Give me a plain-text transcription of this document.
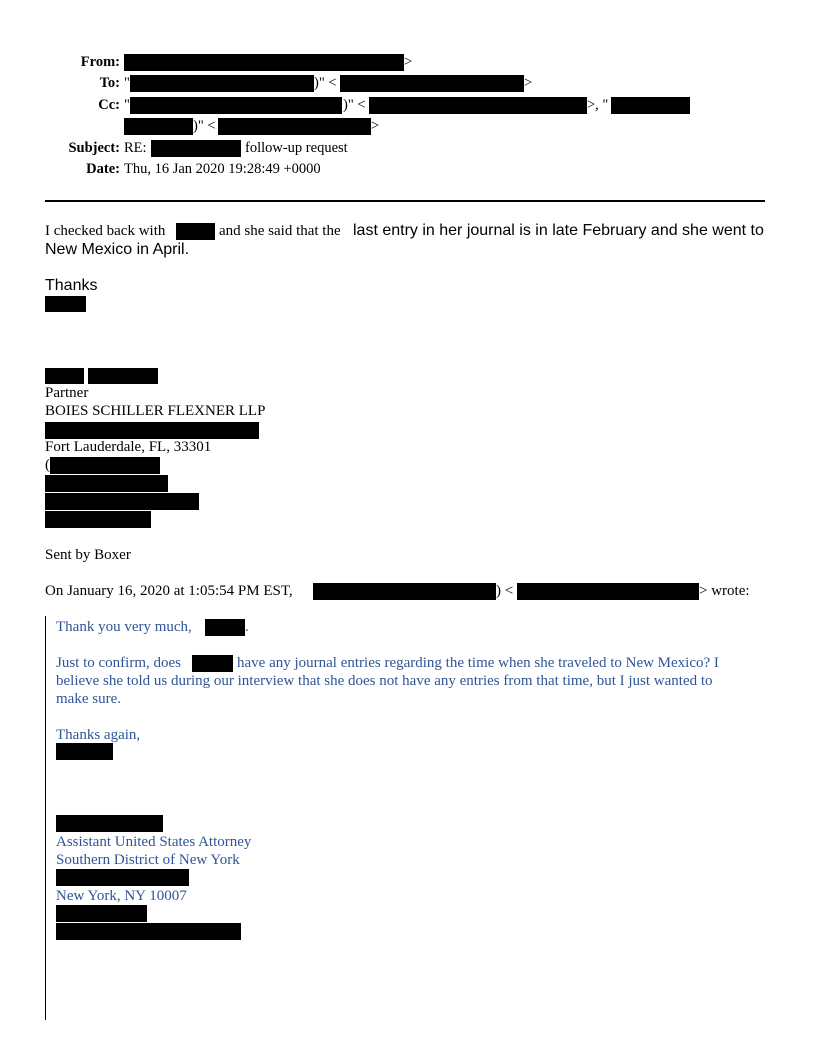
From:	>
To: "	)" <	>
Cc: "	)" <	>, "
)" <	>
Subject: RE:	follow-up request
Date: Thu, 16 Jan 2020 19:28:49 +0000
I checked back with	and she said that the last entry in her journal is in late February and she went to
New Mexico in April.
Thanks
Partner
BOIES SCHILLER FLEXNER LLP
Fort Lauderdale, FL, 33301
(
Sent by Boxer
On January 16, 2020 at 1:05:54 PM EST,	) <	> wrote:
Thank you very much,	.
Just to confirm, does	have any journal entries regarding the time when she traveled to New Mexico? I
believe she told us during our interview that she does not have any entries from that time, but I just wanted to
make sure.
Thanks again,
Assistant United States Attorney
Southern District of New York
New York, NY 10007
